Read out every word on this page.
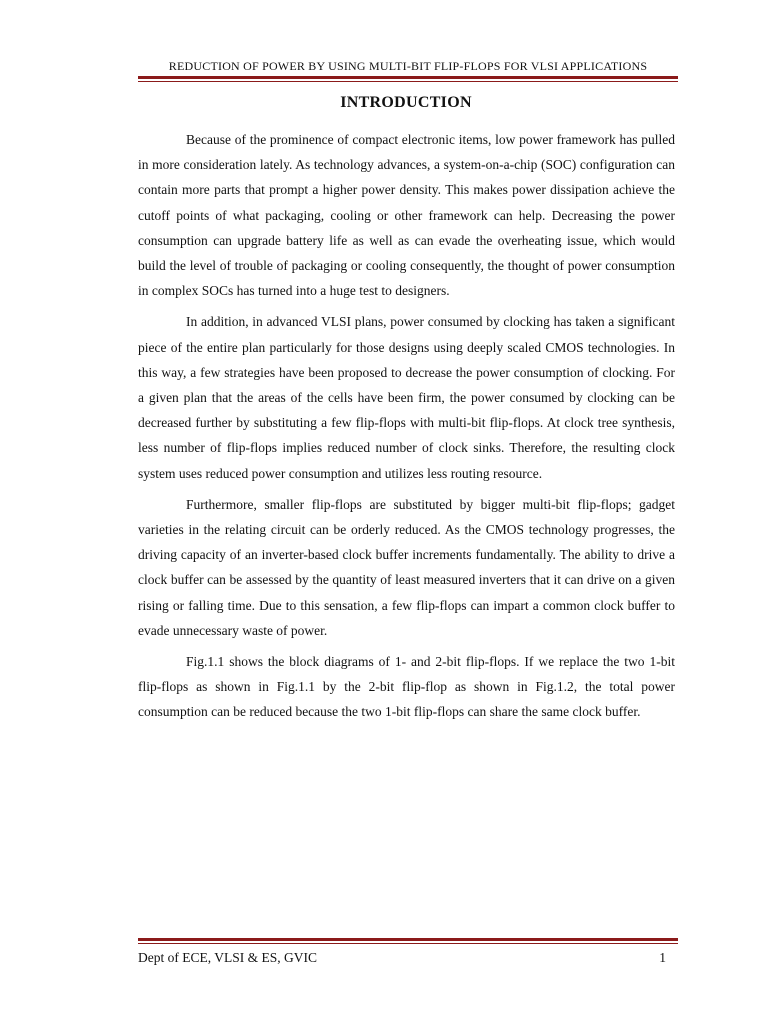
REDUCTION OF POWER BY USING MULTI-BIT FLIP-FLOPS FOR VLSI APPLICATIONS
INTRODUCTION

Because of the prominence of compact electronic items, low power framework has pulled in more consideration lately. As technology advances, a system-on-a-chip (SOC) configuration can contain more parts that prompt a higher power density. This makes power dissipation achieve the cutoff points of what packaging, cooling or other framework can help. Decreasing the power consumption can upgrade battery life as well as can evade the overheating issue, which would build the level of trouble of packaging or cooling consequently, the thought of power consumption in complex SOCs has turned into a huge test to designers.

In addition, in advanced VLSI plans, power consumed by clocking has taken a significant piece of the entire plan particularly for those designs using deeply scaled CMOS technologies. In this way, a few strategies have been proposed to decrease the power consumption of clocking. For a given plan that the areas of the cells have been firm, the power consumed by clocking can be decreased further by substituting a few flip-flops with multi-bit flip-flops. At clock tree synthesis, less number of flip-flops implies reduced number of clock sinks. Therefore, the resulting clock system uses reduced power consumption and utilizes less routing resource.

Furthermore, smaller flip-flops are substituted by bigger multi-bit flip-flops; gadget varieties in the relating circuit can be orderly reduced. As the CMOS technology progresses, the driving capacity of an inverter-based clock buffer increments fundamentally. The ability to drive a clock buffer can be assessed by the quantity of least measured inverters that it can drive on a given rising or falling time. Due to this sensation, a few flip-flops can impart a common clock buffer to evade unnecessary waste of power.

Fig.1.1 shows the block diagrams of 1- and 2-bit flip-flops. If we replace the two 1-bit flip-flops as shown in Fig.1.1 by the 2-bit flip-flop as shown in Fig.1.2, the total power consumption can be reduced because the two 1-bit flip-flops can share the same clock buffer.

Dept of ECE, VLSI & ES, GVIC	1
